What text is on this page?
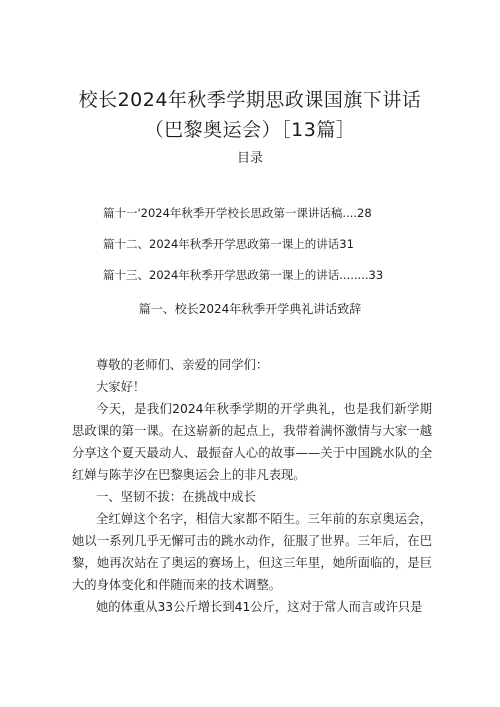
校长2024年秋季学期思政课国旗下讲话（巴黎奥运会）［13篇］
目录
篇十一'2024年秋季开学校长思政第一课讲话稿....28
篇十二、2024年秋季开学思政第一课上的讲话31
篇十三、2024年秋季开学思政第一课上的讲话........33
篇一、校长2024年秋季开学典礼讲话致辞

尊敬的老师们、亲爱的同学们：

大家好！

今天，是我们2024年秋季学期的开学典礼，也是我们新学期思政课的第一课。在这崭新的起点上，我带着满怀激情与大家一越分享这个夏天最动人、最振奋人心的故事——关于中国跳水队的全红婵与陈芋汐在巴黎奥运会上的非凡表现。

一、坚韧不拔：在挑战中成长

全红婵这个名字，相信大家都不陌生。三年前的东京奥运会，她以一系列几乎无懈可击的跳水动作，征服了世界。三年后，在巴黎，她再次站在了奥运的赛场上，但这三年里，她所面临的，是巨大的身体变化和伴随而来的技术调整。

她的体重从33公斤增长到41公斤，这对于常人而言或许只是
